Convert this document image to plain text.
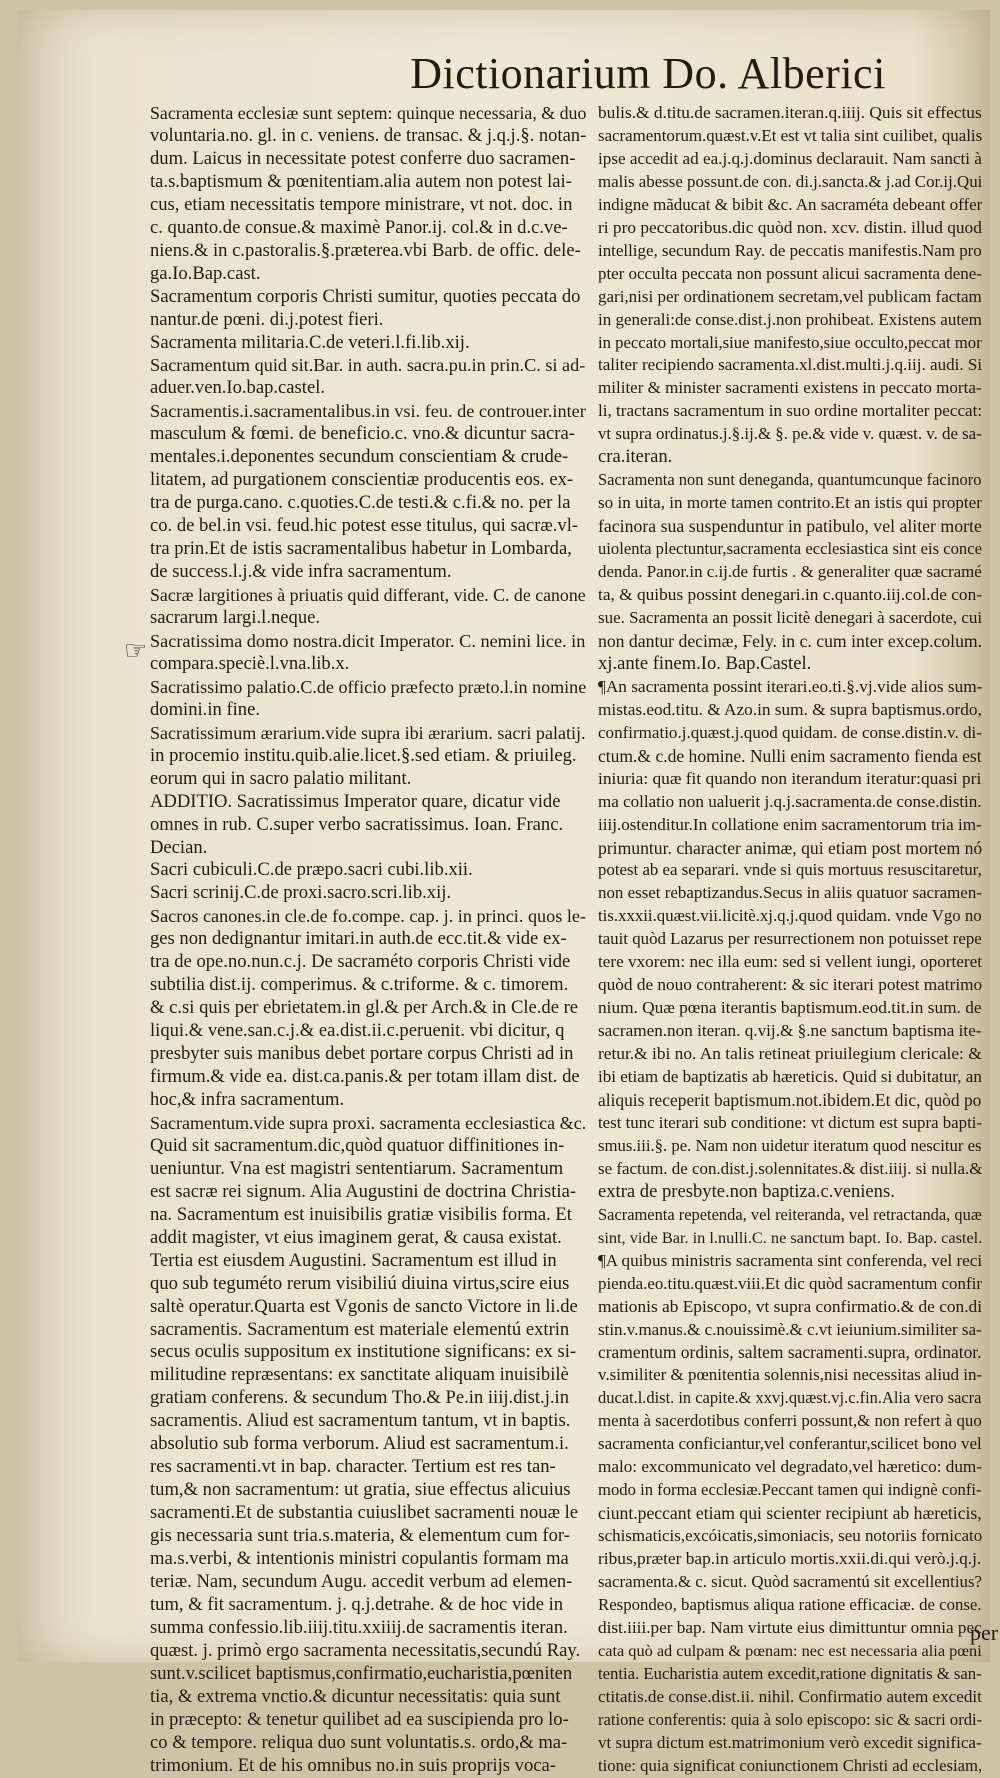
Dictionarium Do. Alberici
Sacramenta ecclesiæ sunt septem: quinque necessaria, & duo
voluntaria.no. gl. in c. veniens. de transac. & j.q.j.§. notan-
dum. Laicus in necessitate potest conferre duo sacramen-
ta.s.baptismum & pœnitentiam.alia autem non potest lai-
cus, etiam necessitatis tempore ministrare, vt not. doc. in
c. quanto.de consue.& maximè Panor.ij. col.& in d.c.ve-
niens.& in c.pastoralis.§.præterea.vbi Barb. de offic. dele-
ga.Io.Bap.cast.
Sacramentum corporis Christi sumitur, quoties peccata do
nantur.de pœni. di.j.potest fieri.
Sacramenta militaria.C.de veteri.l.fi.lib.xij.
Sacramentum quid sit.Bar. in auth. sacra.pu.in prin.C. si ad-
aduer.ven.Io.bap.castel.
Sacramentis.i.sacramentalibus.in vsi. feu. de controuer.inter
masculum & fœmi. de beneficio.c. vno.& dicuntur sacra-
mentales.i.deponentes secundum conscientiam & crude-
litatem, ad purgationem conscientiæ producentis eos. ex-
tra de purga.cano. c.quoties.C.de testi.& c.fi.& no. per la
co. de bel.in vsi. feud.hic potest esse titulus, qui sacræ.vl-
tra prin.Et de istis sacramentalibus habetur in Lombarda,
de success.l.j.& vide infra sacramentum.
Sacræ largitiones à priuatis quid differant, vide. C. de canone
sacrarum largi.l.neque.
Sacratissima domo nostra.dicit Imperator. C. nemini lice. in
compara.speciè.l.vna.lib.x.
Sacratissimo palatio.C.de officio præfecto præto.l.in nomine
domini.in fine.
Sacratissimum ærarium.vide supra ibi ærarium. sacri palatij.
in procemio institu.quib.alie.licet.§.sed etiam. & priuileg.
eorum qui in sacro palatio militant.
ADDITIO. Sacratissimus Imperator quare, dicatur vide
omnes in rub. C.super verbo sacratissimus. Ioan. Franc.
Decian.
Sacri cubiculi.C.de præpo.sacri cubi.lib.xii.
Sacri scrinij.C.de proxi.sacro.scri.lib.xij.
Sacros canones.in cle.de fo.compe. cap. j. in princi. quos le-
ges non dedignantur imitari.in auth.de ecc.tit.& vide ex-
tra de ope.no.nun.c.j. De sacraméto corporis Christi vide
subtilia dist.ij. comperimus. & c.triforme. & c. timorem.
& c.si quis per ebrietatem.in gl.& per Arch.& in Cle.de re
liqui.& vene.san.c.j.& ea.dist.ii.c.peruenit. vbi dicitur, q
presbyter suis manibus debet portare corpus Christi ad in
firmum.& vide ea. dist.ca.panis.& per totam illam dist. de
hoc,& infra sacramentum.
Sacramentum.vide supra proxi. sacramenta ecclesiastica &c.
Quid sit sacramentum.dic,quòd quatuor diffinitiones in-
ueniuntur. Vna est magistri sententiarum. Sacramentum
est sacræ rei signum. Alia Augustini de doctrina Christia-
na. Sacramentum est inuisibilis gratiæ visibilis forma. Et
addit magister, vt eius imaginem gerat, & causa existat.
Tertia est eiusdem Augustini. Sacramentum est illud in
quo sub teguméto rerum visibiliú diuina virtus,scire eius
saltè operatur.Quarta est Vgonis de sancto Victore in li.de
sacramentis. Sacramentum est materiale elementú extrin
secus oculis suppositum ex institutione significans: ex si-
militudine repræsentans: ex sanctitate aliquam inuisibilè
gratiam conferens. & secundum Tho.& Pe.in iiij.dist.j.in
sacramentis. Aliud est sacramentum tantum, vt in baptis.
absolutio sub forma verborum. Aliud est sacramentum.i.
res sacramenti.vt in bap. character. Tertium est res tan-
tum,& non sacramentum: ut gratia, siue effectus alicuius
sacramenti.Et de substantia cuiuslibet sacramenti nouæ le
gis necessaria sunt tria.s.materia, & elementum cum for-
ma.s.verbi, & intentionis ministri copulantis formam ma
teriæ. Nam, secundum Augu. accedit verbum ad elemen-
tum, & fit sacramentum. j. q.j.detrahe. & de hoc vide in
summa confessio.lib.iiij.titu.xxiiij.de sacramentis iteran.
quæst. j. primò ergo sacramenta necessitatis,secundú Ray.
sunt.v.scilicet baptismus,confirmatio,eucharistia,pœniten
tia, & extrema vnctio.& dicuntur necessitatis: quia sunt
in præcepto: & tenetur quilibet ad ea suscipienda pro lo-
co & tempore. reliqua duo sunt voluntatis.s. ordo,& ma-
trimonium. Et de his omnibus no.in suis proprijs voca-
bulis.& d.titu.de sacramen.iteran.q.iiij. Quis sit effectus
sacramentorum.quæst.v.Et est vt talia sint cuilibet, qualis
ipse accedit ad ea.j.q.j.dominus declarauit. Nam sancti à
malis abesse possunt.de con. di.j.sancta.& j.ad Cor.ij.Qui
indigne mãducat & bibit &c. An sacraméta debeant offer
ri pro peccatoribus.dic quòd non. xcv. distin. illud quod
intellige, secundum Ray. de peccatis manifestis.Nam pro
pter occulta peccata non possunt alicui sacramenta dene-
gari,nisi per ordinationem secretam,vel publicam factam
in generali:de conse.dist.j.non prohibeat. Existens autem
in peccato mortali,siue manifesto,siue occulto,peccat mor
taliter recipiendo sacramenta.xl.dist.multi.j.q.iij. audi. Si
militer & minister sacramenti existens in peccato morta-
li, tractans sacramentum in suo ordine mortaliter peccat:
vt supra ordinatus.j.§.ij.& §. pe.& vide v. quæst. v. de sa-
cra.iteran.
Sacramenta non sunt deneganda, quantumcunque facinoro
so in uita, in morte tamen contrito.Et an istis qui propter
facinora sua suspenduntur in patibulo, vel aliter morte
uiolenta plectuntur,sacramenta ecclesiastica sint eis conce
denda. Panor.in c.ij.de furtis . & generaliter quæ sacramé
ta, & quibus possint denegari.in c.quanto.iij.col.de con-
sue. Sacramenta an possit licitè denegari à sacerdote, cui
non dantur decimæ, Fely. in c. cum inter excep.colum.
xj.ante finem.Io. Bap.Castel.
¶An sacramenta possint iterari.eo.ti.§.vj.vide alios sum-
mistas.eod.titu. & Azo.in sum. & supra baptismus.ordo,
confirmatio.j.quæst.j.quod quidam. de conse.distin.v. di-
ctum.& c.de homine. Nulli enim sacramento fienda est
iniuria: quæ fit quando non iterandum iteratur:quasi pri
ma collatio non ualuerit j.q.j.sacramenta.de conse.distin.
iiij.ostenditur.In collatione enim sacramentorum tria im-
primuntur. character animæ, qui etiam post mortem nó
potest ab ea separari. vnde si quis mortuus resuscitaretur,
non esset rebaptizandus.Secus in aliis quatuor sacramen-
tis.xxxii.quæst.vii.licitè.xj.q.j.quod quidam. vnde Vgo no
tauit quòd Lazarus per resurrectionem non potuisset repe
tere vxorem: nec illa eum: sed si vellent iungi, oporteret
quòd de nouo contraherent: & sic iterari potest matrimo
nium. Quæ pœna iterantis baptismum.eod.tit.in sum. de
sacramen.non iteran. q.vij.& §.ne sanctum baptisma ite-
retur.& ibi no. An talis retineat priuilegium clericale: &
ibi etiam de baptizatis ab hæreticis. Quid si dubitatur, an
aliquis receperit baptismum.not.ibidem.Et dic, quòd po
test tunc iterari sub conditione: vt dictum est supra bapti-
smus.iii.§. pe. Nam non uidetur iteratum quod nescitur es
se factum. de con.dist.j.solennitates.& dist.iiij. si nulla.&
extra de presbyte.non baptiza.c.veniens.
Sacramenta repetenda, vel reiteranda, vel retractanda, quæ
sint, vide Bar. in l.nulli.C. ne sanctum bapt. Io. Bap. castel.
¶A quibus ministris sacramenta sint conferenda, vel reci
pienda.eo.titu.quæst.viii.Et dic quòd sacramentum confir
mationis ab Episcopo, vt supra confirmatio.& de con.di
stin.v.manus.& c.nouissimè.& c.vt ieiunium.similiter sa-
cramentum ordinis, saltem sacramenti.supra, ordinator.
v.similiter & pœnitentia solennis,nisi necessitas aliud in-
ducat.l.dist. in capite.& xxvj.quæst.vj.c.fin.Alia vero sacra
menta à sacerdotibus conferri possunt,& non refert à quo
sacramenta conficiantur,vel conferantur,scilicet bono vel
malo: excommunicato vel degradato,vel hæretico: dum-
modo in forma ecclesiæ.Peccant tamen qui indignè confi-
ciunt.peccant etiam qui scienter recipiunt ab hæreticis,
schismaticis,excóicatis,simoniacis, seu notoriis fornicato
ribus,præter bap.in articulo mortis.xxii.di.qui verò.j.q.j.
sacramenta.& c. sicut. Quòd sacramentú sit excellentius?
Respondeo, baptismus aliqua ratione efficaciæ. de conse.
dist.iiii.per bap. Nam virtute eius dimittuntur omnia pec
cata quò ad culpam & pœnam: nec est necessaria alia pœni
tentia. Eucharistia autem excedit,ratione dignitatis & san-
ctitatis.de conse.dist.ii. nihil. Confirmatio autem excedit
ratione conferentis: quia à solo episcopo: sic & sacri ordi-
vt supra dictum est.matrimonium verò excedit significa-
tione: quia significat coniunctionem Christi ad ecclesiam,
per
☞
